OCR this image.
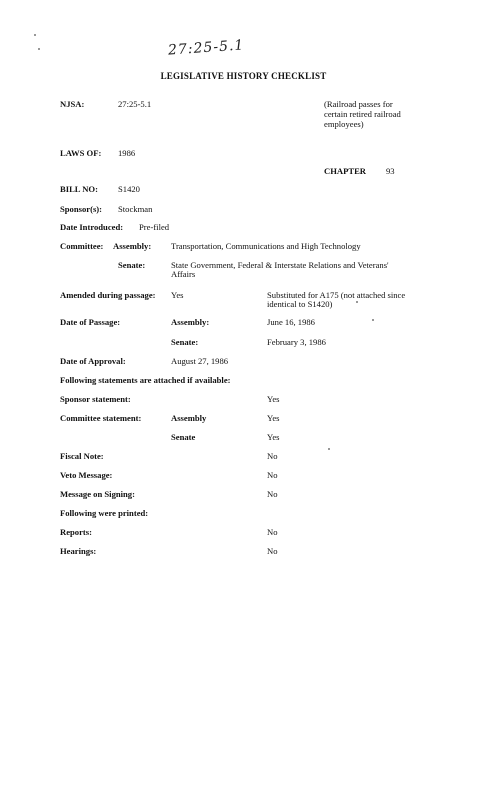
27:25-5.1
LEGISLATIVE HISTORY CHECKLIST
NJSA:	27:25-5.1	(Railroad passes for
certain retired railroad
employees)
LAWS OF: 1986
CHAPTER 93
BILL NO: S1420
Sponsor(s): Stockman
Date Introduced: Pre-filed
Committee: Assembly: Transportation, Communications and High Technology
Senate:	State Government, Federal & Interstate Relations and Veterans'
Affairs
Amended during passage: Yes	Substituted for A175 (not attached since
identical to S1420)
Date of Passage:	Assembly:	June 16, 1986
Senate:	February 3, 1986
Date of Approval:	August 27, 1986
Following statements are attached if available:
Sponsor statement:	Yes
Committee statement:	Assembly	Yes
Senate	Yes
Fiscal Note:	No
Veto Message:	No
Message on Signing:	No
Following were printed:
Reports:	No
Hearings:	No
